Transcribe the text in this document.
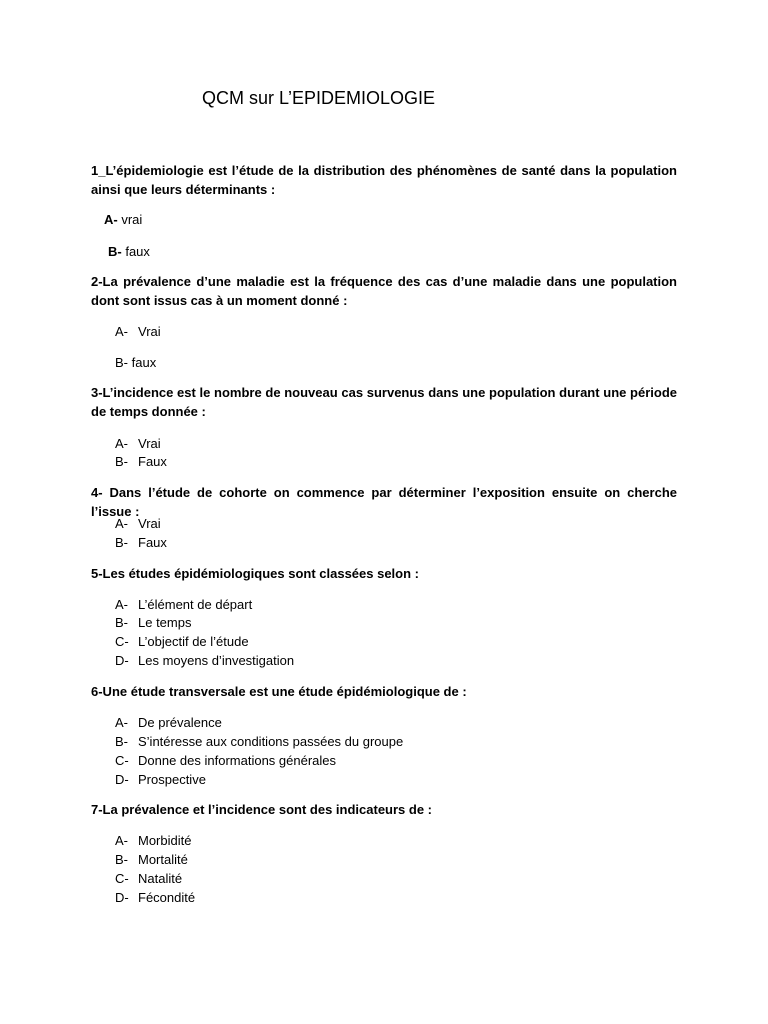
QCM sur L’EPIDEMIOLOGIE
1_L’épidemiologie est l’étude de la distribution des phénomènes de santé dans la population ainsi que leurs déterminants :
A- vrai
B- faux
2-La prévalence d’une maladie est la fréquence des cas d’une maladie dans une population dont sont issus cas à un moment donné :
A- Vrai
B- faux
3-L’incidence est le nombre de nouveau cas survenus dans une population durant une période de temps donnée :
A- Vrai
B- Faux
4- Dans l’étude de cohorte on commence par déterminer l’exposition ensuite on cherche l’issue :
A- Vrai
B- Faux
5-Les études épidémiologiques sont classées selon :
A- L’élément de départ
B- Le temps
C- L’objectif de l’étude
D- Les moyens d’investigation
6-Une étude transversale est une étude épidémiologique de :
A- De prévalence
B- S’intéresse aux conditions passées du groupe
C- Donne des informations générales
D- Prospective
7-La prévalence et l’incidence sont des indicateurs de :
A- Morbidité
B- Mortalité
C- Natalité
D- Fécondité
